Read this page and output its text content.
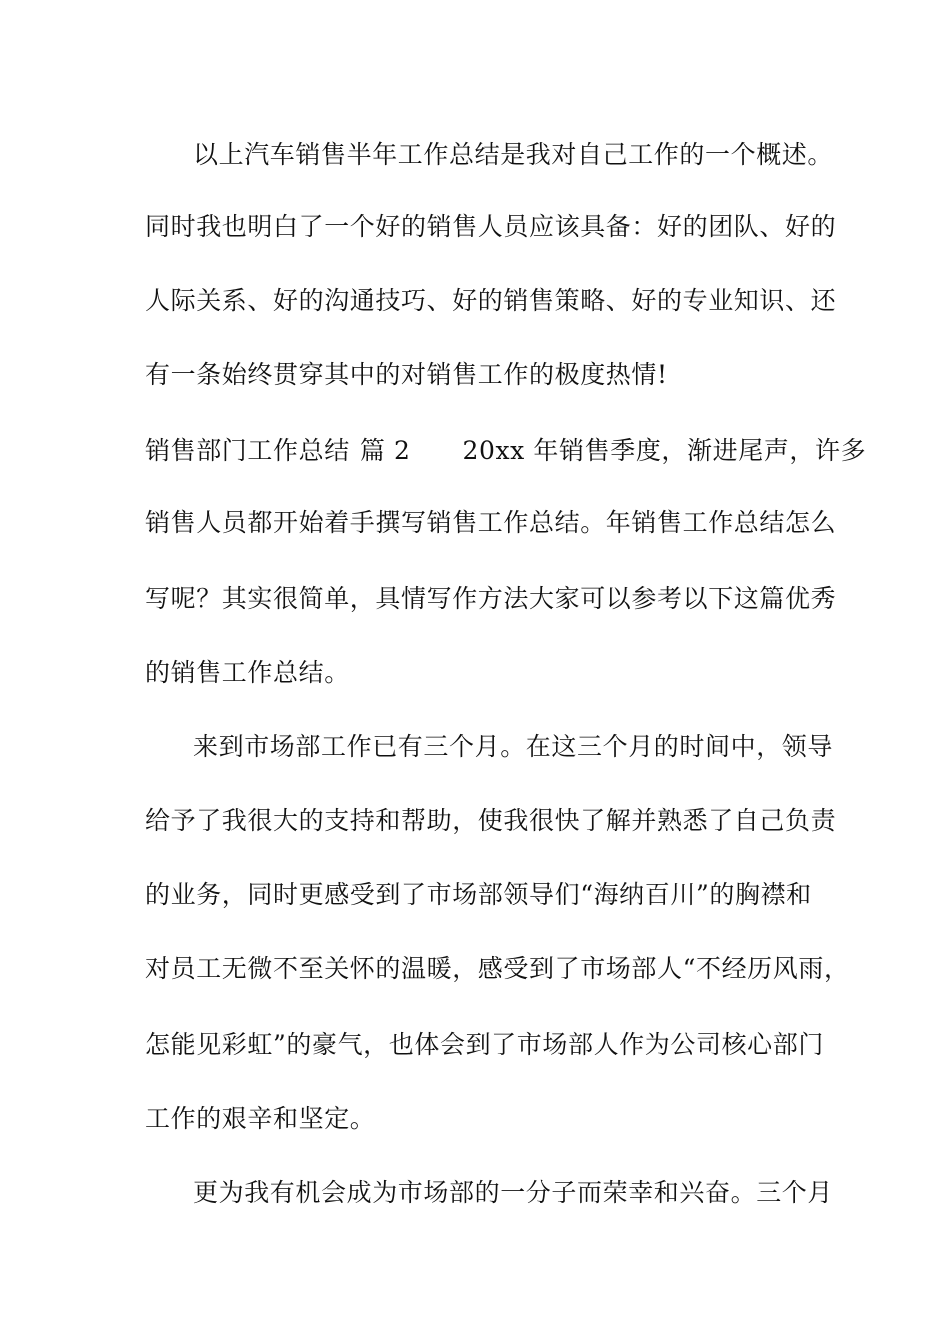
以上汽车销售半年工作总结是我对自己工作的一个概述。
同时我也明白了一个好的销售人员应该具备：好的团队、好的
人际关系、好的沟通技巧、好的销售策略、好的专业知识、还
有一条始终贯穿其中的对销售工作的极度热情!
销售部门工作总结 篇 2 20xx 年销售季度，渐进尾声，许多
销售人员都开始着手撰写销售工作总结。年销售工作总结怎么
写呢？其实很简单，具情写作方法大家可以参考以下这篇优秀
的销售工作总结。
来到市场部工作已有三个月。在这三个月的时间中，领导
给予了我很大的支持和帮助，使我很快了解并熟悉了自己负责
的业务，同时更感受到了市场部领导们“海纳百川”的胸襟和
对员工无微不至关怀的温暖，感受到了市场部人“不经历风雨，
怎能见彩虹”的豪气，也体会到了市场部人作为公司核心部门
工作的艰辛和坚定。
更为我有机会成为市场部的一分子而荣幸和兴奋。三个月
